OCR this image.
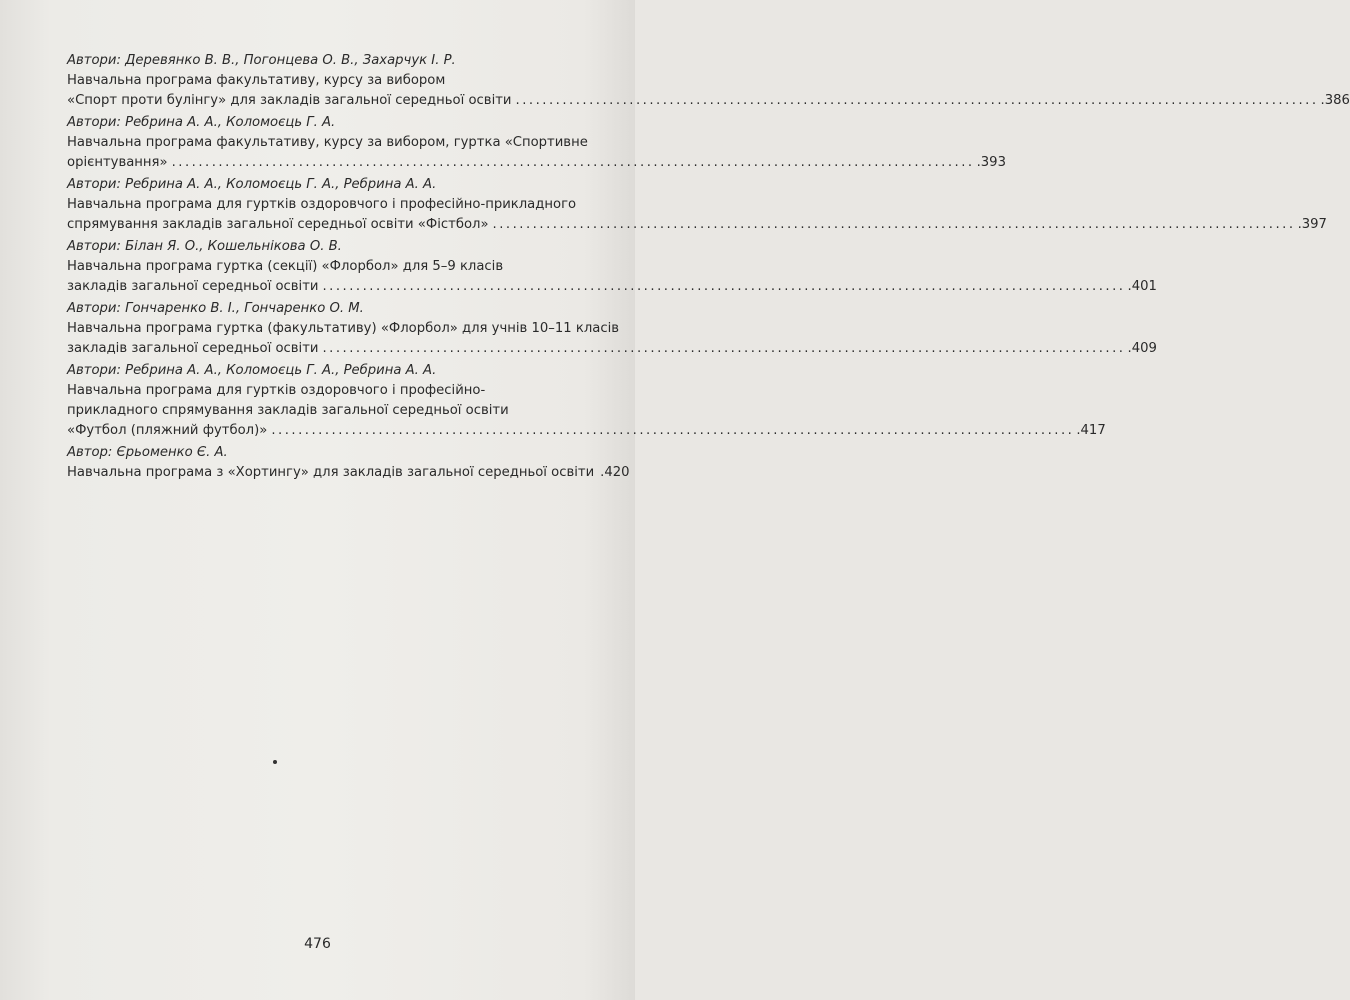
Автори: Деревянко В. В., Погонцева О. В., Захарчук І. Р.
Навчальна програма факультативу, курсу за вибором
«Спорт проти булінгу» для закладів загальної середньої освіти ........................................................................................................................ .386
Автори: Ребрина А. А., Коломоєць Г. А.
Навчальна програма факультативу, курсу за вибором, гуртка «Спортивне
орієнтування» ........................................................................................................................ .393
Автори: Ребрина А. А., Коломоєць Г. А., Ребрина А. А.
Навчальна програма для гуртків оздоровчого і професійно-прикладного
спрямування закладів загальної середньої освіти «Фістбол» ........................................................................................................................ .397
Автори: Білан Я. О., Кошельнікова О. В.
Навчальна програма гуртка (секції) «Флорбол» для 5–9 класів
закладів загальної середньої освіти ........................................................................................................................ .401
Автори: Гончаренко В. І., Гончаренко О. М.
Навчальна програма гуртка (факультативу) «Флорбол» для учнів 10–11 класів
закладів загальної середньої освіти ........................................................................................................................ .409
Автори: Ребрина А. А., Коломоєць Г. А., Ребрина А. А.
Навчальна програма для гуртків оздоровчого і професійно-
прикладного спрямування закладів загальної середньої освіти
«Футбол (пляжний футбол)» ........................................................................................................................ .417
Автор: Єрьоменко Є. А.
Навчальна програма з «Хортингу» для закладів загальної середньої освіти .420
476
